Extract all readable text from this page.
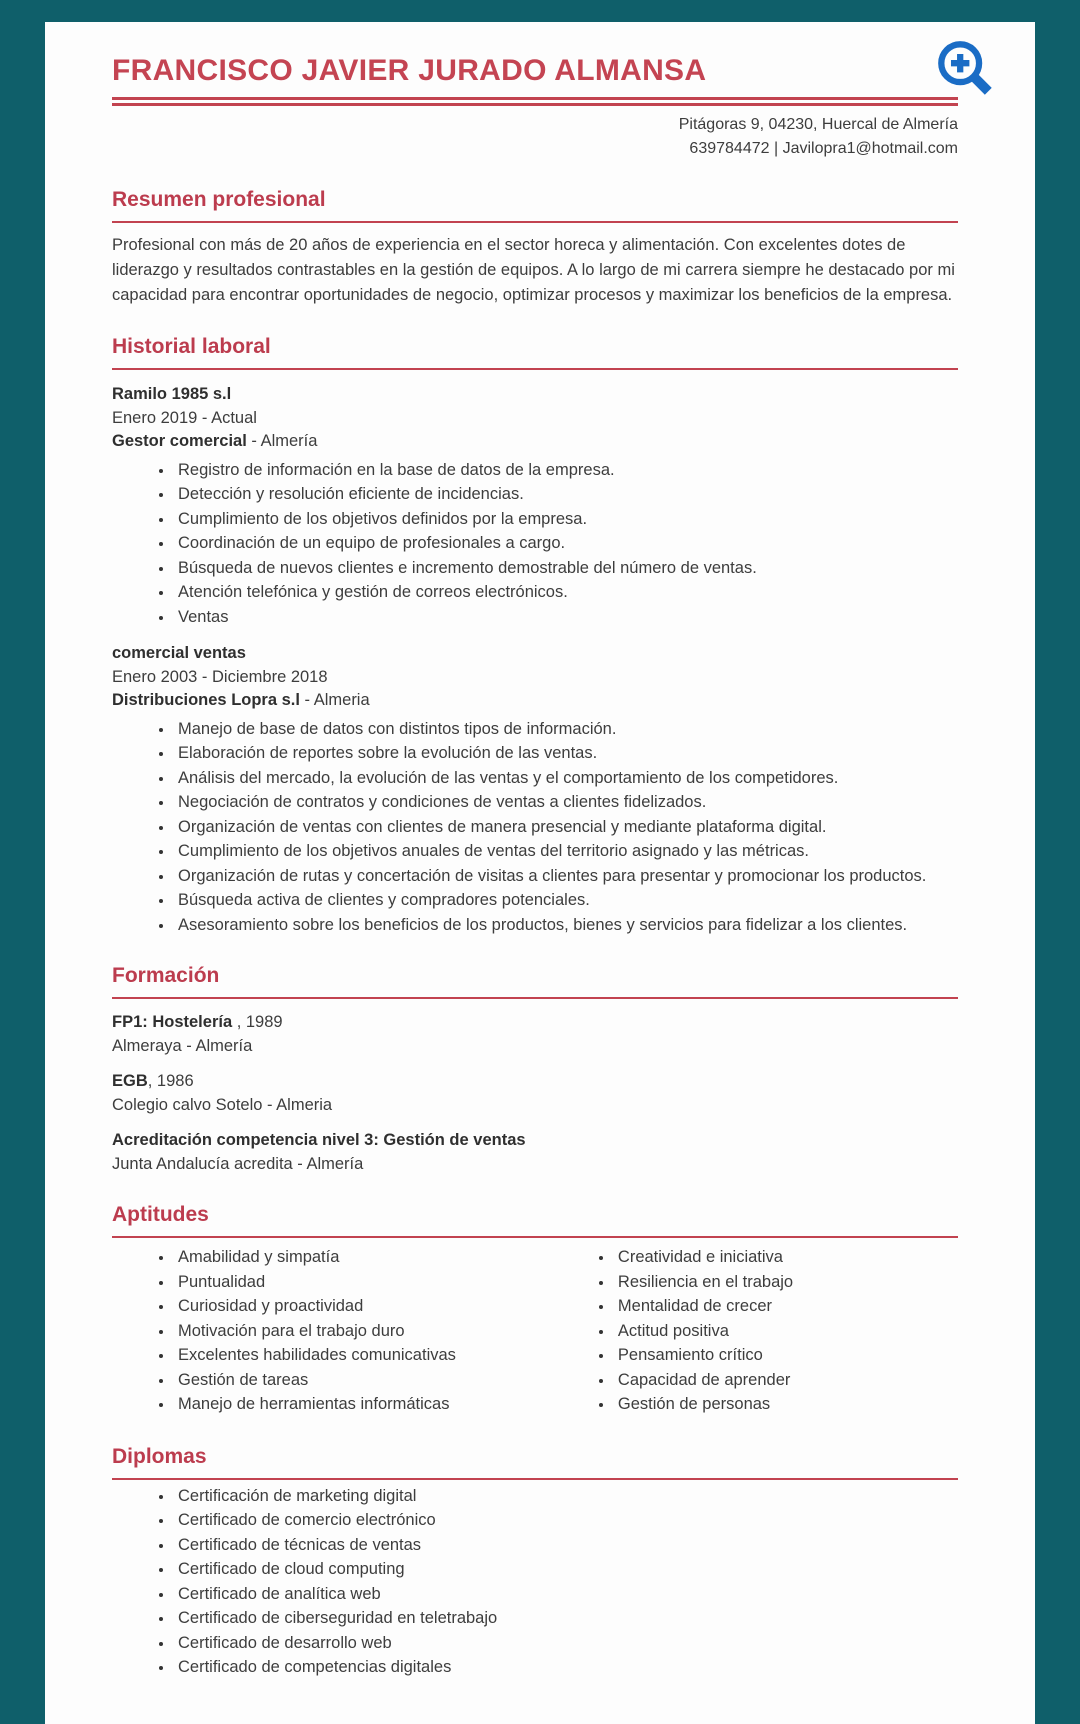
FRANCISCO JAVIER JURADO ALMANSA
Pitágoras 9, 04230, Huercal de Almería
639784472 | Javilopra1@hotmail.com
Resumen profesional

Profesional con más de 20 años de experiencia en el sector horeca y alimentación. Con excelentes dotes de liderazgo y resultados contrastables en la gestión de equipos. A lo largo de mi carrera siempre he destacado por mi capacidad para encontrar oportunidades de negocio, optimizar procesos y maximizar los beneficios de la empresa.

Historial laboral
Ramilo 1985 s.l
Enero 2019 - Actual
Gestor comercial - Almería
• Registro de información en la base de datos de la empresa.
• Detección y resolución eficiente de incidencias.
• Cumplimiento de los objetivos definidos por la empresa.
• Coordinación de un equipo de profesionales a cargo.
• Búsqueda de nuevos clientes e incremento demostrable del número de ventas.
• Atención telefónica y gestión de correos electrónicos.
• Ventas
comercial ventas
Enero 2003 - Diciembre 2018
Distribuciones Lopra s.l - Almeria
• Manejo de base de datos con distintos tipos de información.
• Elaboración de reportes sobre la evolución de las ventas.
• Análisis del mercado, la evolución de las ventas y el comportamiento de los competidores.
• Negociación de contratos y condiciones de ventas a clientes fidelizados.
• Organización de ventas con clientes de manera presencial y mediante plataforma digital.
• Cumplimiento de los objetivos anuales de ventas del territorio asignado y las métricas.
• Organización de rutas y concertación de visitas a clientes para presentar y promocionar los productos.
• Búsqueda activa de clientes y compradores potenciales.
• Asesoramiento sobre los beneficios de los productos, bienes y servicios para fidelizar a los clientes.
Formación
FP1: Hostelería , 1989
Almeraya - Almería
EGB, 1986
Colegio calvo Sotelo - Almeria
Acreditación competencia nivel 3: Gestión de ventas
Junta Andalucía acredita - Almería
Aptitudes
• Amabilidad y simpatía
• Puntualidad
• Curiosidad y proactividad
• Motivación para el trabajo duro
• Excelentes habilidades comunicativas
• Gestión de tareas
• Manejo de herramientas informáticas
• Creatividad e iniciativa
• Resiliencia en el trabajo
• Mentalidad de crecer
• Actitud positiva
• Pensamiento crítico
• Capacidad de aprender
• Gestión de personas
Diplomas
• Certificación de marketing digital
• Certificado de comercio electrónico
• Certificado de técnicas de ventas
• Certificado de cloud computing
• Certificado de analítica web
• Certificado de ciberseguridad en teletrabajo
• Certificado de desarrollo web
• Certificado de competencias digitales
